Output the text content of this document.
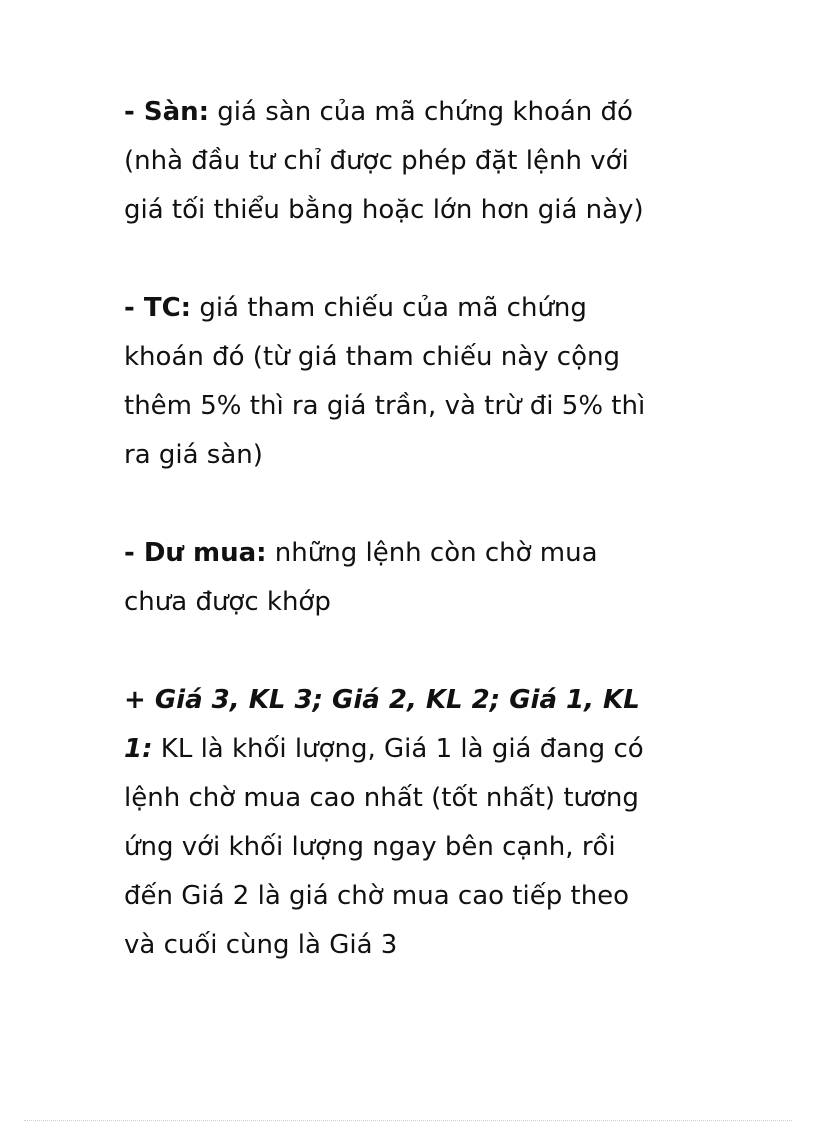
- Sàn: giá sàn của mã chứng khoán đó
(nhà đầu tư chỉ được phép đặt lệnh với
giá tối thiểu bằng hoặc lớn hơn giá này)

- TC: giá tham chiếu của mã chứng
khoán đó (từ giá tham chiếu này cộng
thêm 5% thì ra giá trần, và trừ đi 5% thì
ra giá sàn)

- Dư mua: những lệnh còn chờ mua
chưa được khớp

+ Giá 3, KL 3; Giá 2, KL 2; Giá 1, KL
1: KL là khối lượng, Giá 1 là giá đang có
lệnh chờ mua cao nhất (tốt nhất) tương
ứng với khối lượng ngay bên cạnh, rồi
đến Giá 2 là giá chờ mua cao tiếp theo
và cuối cùng là Giá 3
